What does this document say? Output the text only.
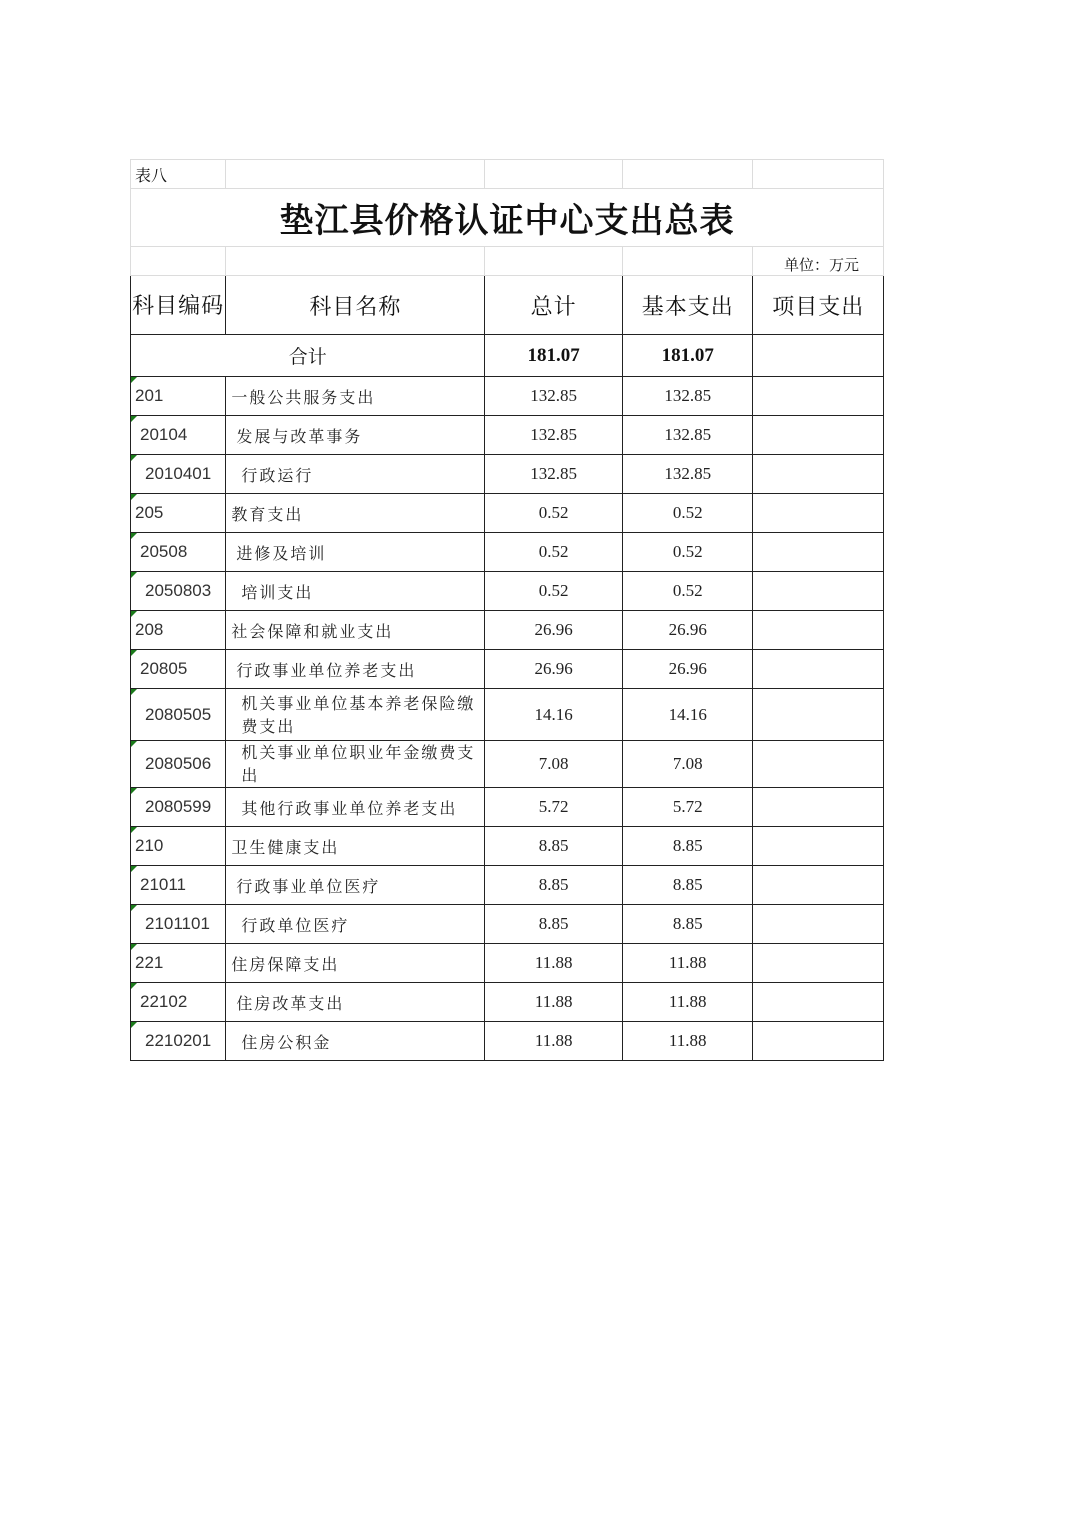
表八				
垫江县价格认证中心支出总表				
				单位：万元
科目编码	科目名称	总计	基本支出	项目支出
合计		181.07	181.07	
201	一般公共服务支出	132.85	132.85	
20104	发展与改革事务	132.85	132.85	
2010401	行政运行	132.85	132.85	
205	教育支出	0.52	0.52	
20508	进修及培训	0.52	0.52	
2050803	培训支出	0.52	0.52	
208	社会保障和就业支出	26.96	26.96	
20805	行政事业单位养老支出	26.96	26.96	
2080505	机关事业单位基本养老保险缴费支出	14.16	14.16	
2080506	机关事业单位职业年金缴费支出	7.08	7.08	
2080599	其他行政事业单位养老支出	5.72	5.72	
210	卫生健康支出	8.85	8.85	
21011	行政事业单位医疗	8.85	8.85	
2101101	行政单位医疗	8.85	8.85	
221	住房保障支出	11.88	11.88	
22102	住房改革支出	11.88	11.88	
2210201	住房公积金	11.88	11.88	
